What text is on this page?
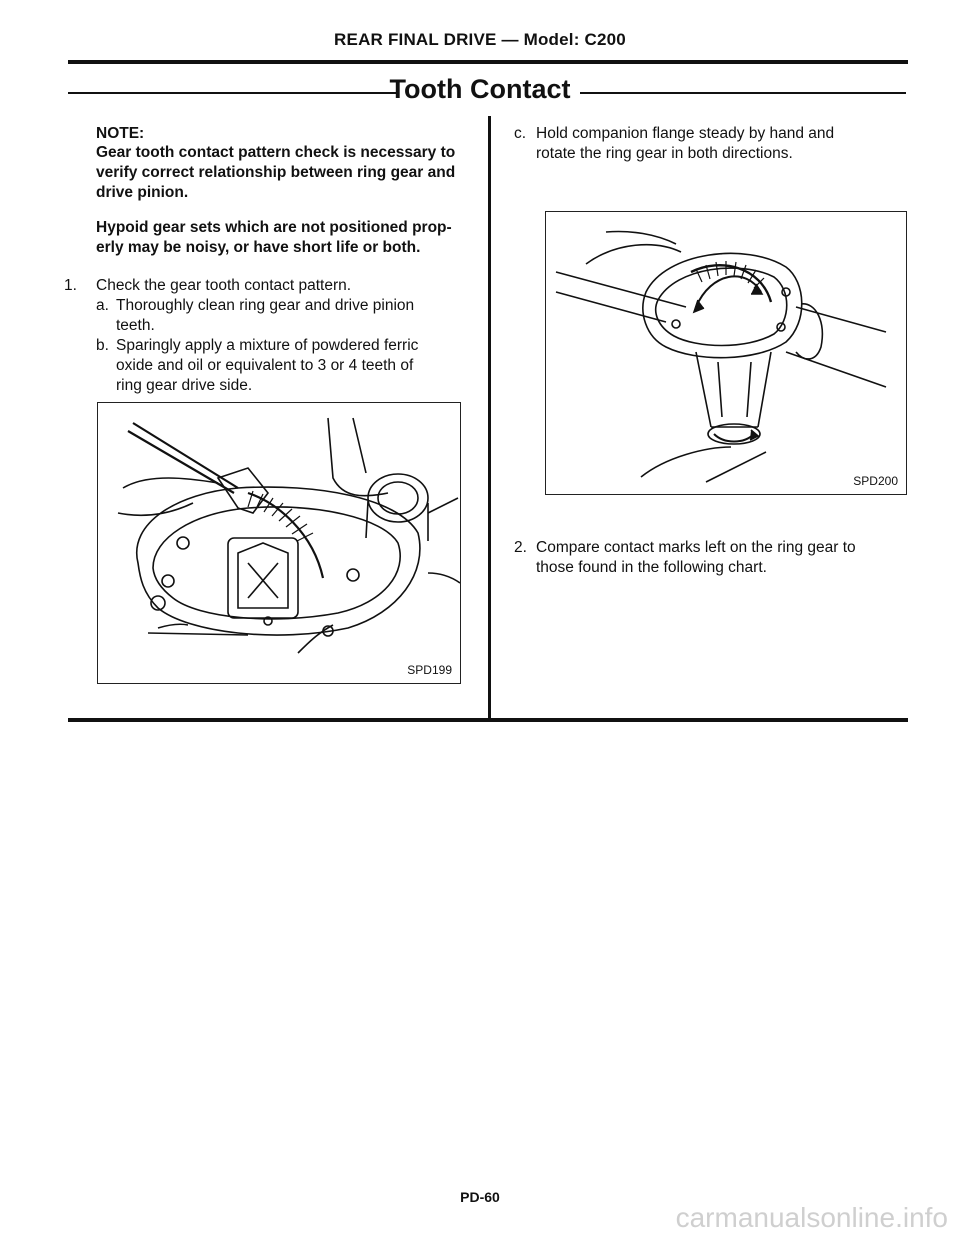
REAR FINAL DRIVE — Model: C200
Tooth Contact
NOTE:
Gear tooth contact pattern check is necessary to
verify correct relationship between ring gear and
drive pinion.
Hypoid gear sets which are not positioned prop-
erly may be noisy, or have short life or both.
1. Check the gear tooth contact pattern.
a. Thoroughly clean ring gear and drive pinion
teeth.
b. Sparingly apply a mixture of powdered ferric
oxide and oil or equivalent to 3 or 4 teeth of
ring gear drive side.
SPD199
c. Hold companion flange steady by hand and
rotate the ring gear in both directions.
SPD200
2. Compare contact marks left on the ring gear to
those found in the following chart.
PD-60
carmanualsonline.info
